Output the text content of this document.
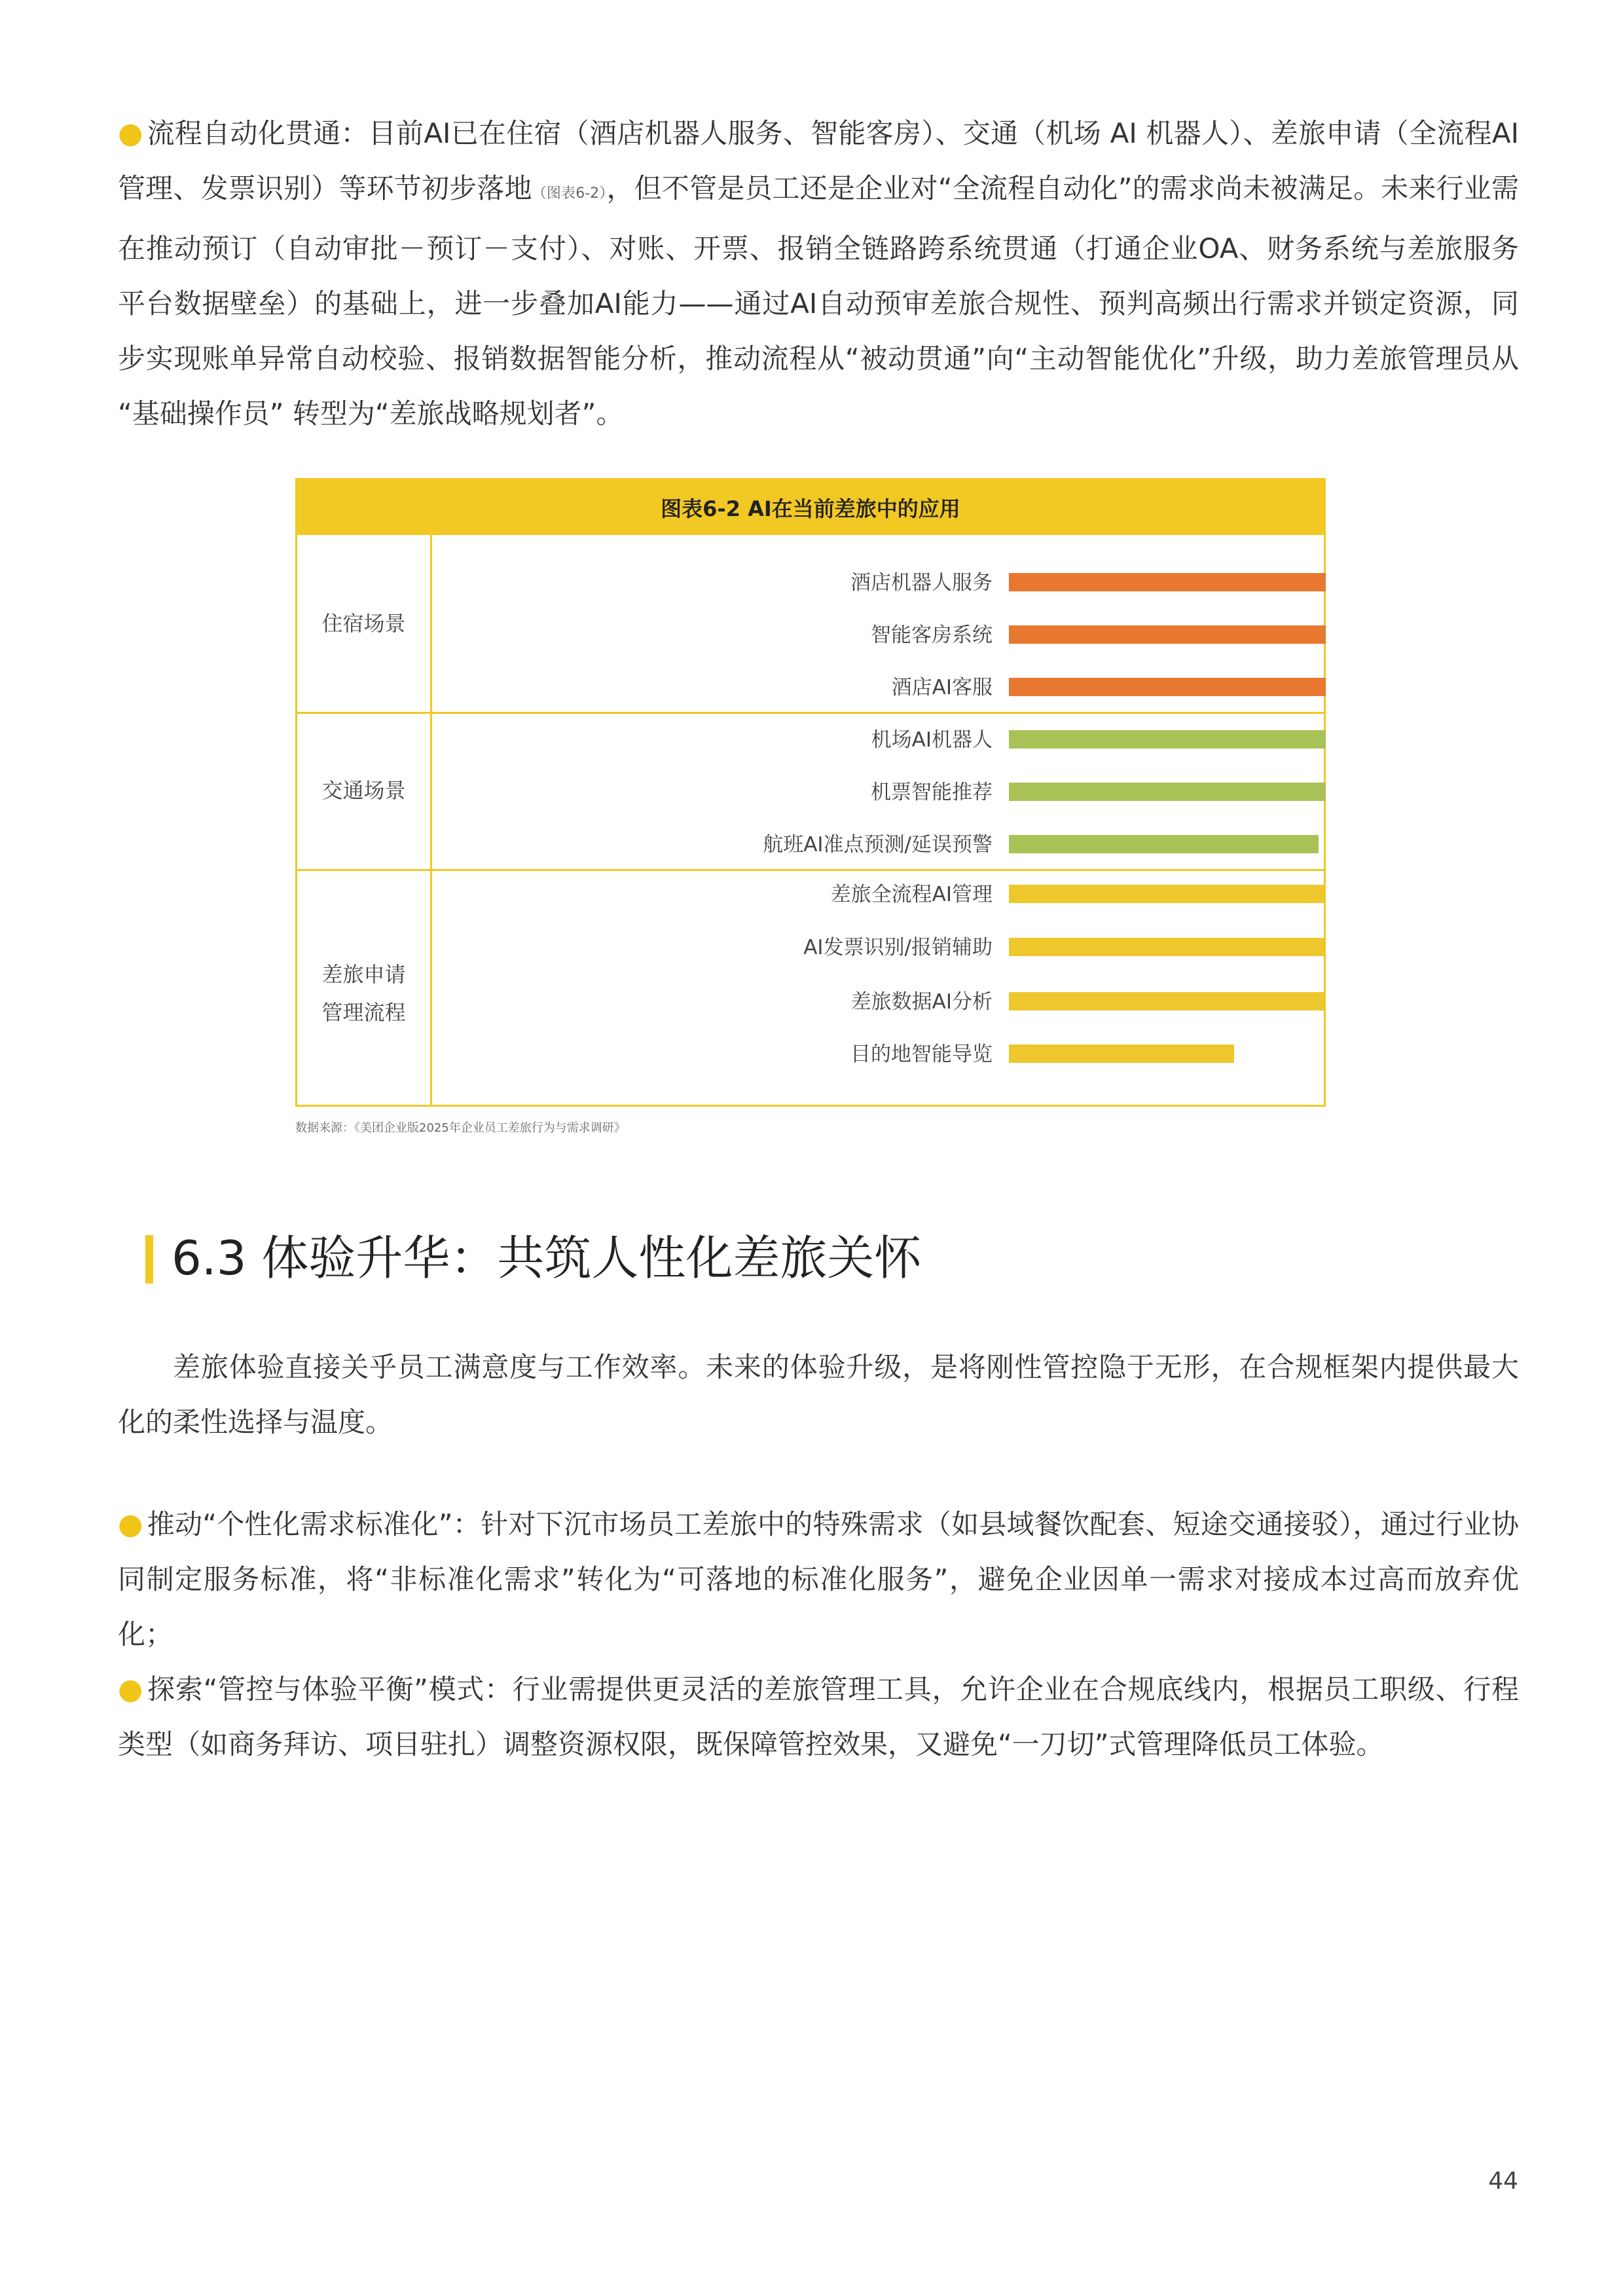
● 流程自动化贯通：目前AI已在住宿（酒店机器人服务、智能客房）、交通（机场 AI 机器人）、差旅申请（全流程AI管理、发票识别）等环节初步落地（图表6-2），但不管是员工还是企业对“全流程自动化”的需求尚未被满足。未来行业需在推动预订（自动审批－预订－支付）、对账、开票、报销全链路跨系统贯通（打通企业OA、财务系统与差旅服务平台数据壁垒）的基础上，进一步叠加AI能力——通过AI自动预审差旅合规性、预判高频出行需求并锁定资源，同步实现账单异常自动校验、报销数据智能分析，推动流程从“被动贯通”向“主动智能优化”升级，助力差旅管理员从 “基础操作员” 转型为“差旅战略规划者”。

图表6-2 AI在当前差旅中的应用
住宿场景
交通场景
差旅申请
管理流程
酒店机器人服务
智能客房系统
酒店AI客服
机场AI机器人
机票智能推荐
航班AI准点预测/延误预警
差旅全流程AI管理
AI发票识别/报销辅助
差旅数据AI分析
目的地智能导览
数据来源：《美团企业版2025年企业员工差旅行为与需求调研》
6.3 体验升华：共筑人性化差旅关怀

差旅体验直接关乎员工满意度与工作效率。未来的体验升级，是将刚性管控隐于无形，在合规框架内提供最大化的柔性选择与温度。

● 推动“个性化需求标准化”：针对下沉市场员工差旅中的特殊需求（如县域餐饮配套、短途交通接驳），通过行业协同制定服务标准，将“非标准化需求”转化为“可落地的标准化服务”，避免企业因单一需求对接成本过高而放弃优化；

● 探索“管控与体验平衡”模式：行业需提供更灵活的差旅管理工具，允许企业在合规底线内，根据员工职级、行程类型（如商务拜访、项目驻扎）调整资源权限，既保障管控效果，又避免“一刀切”式管理降低员工体验。

44
